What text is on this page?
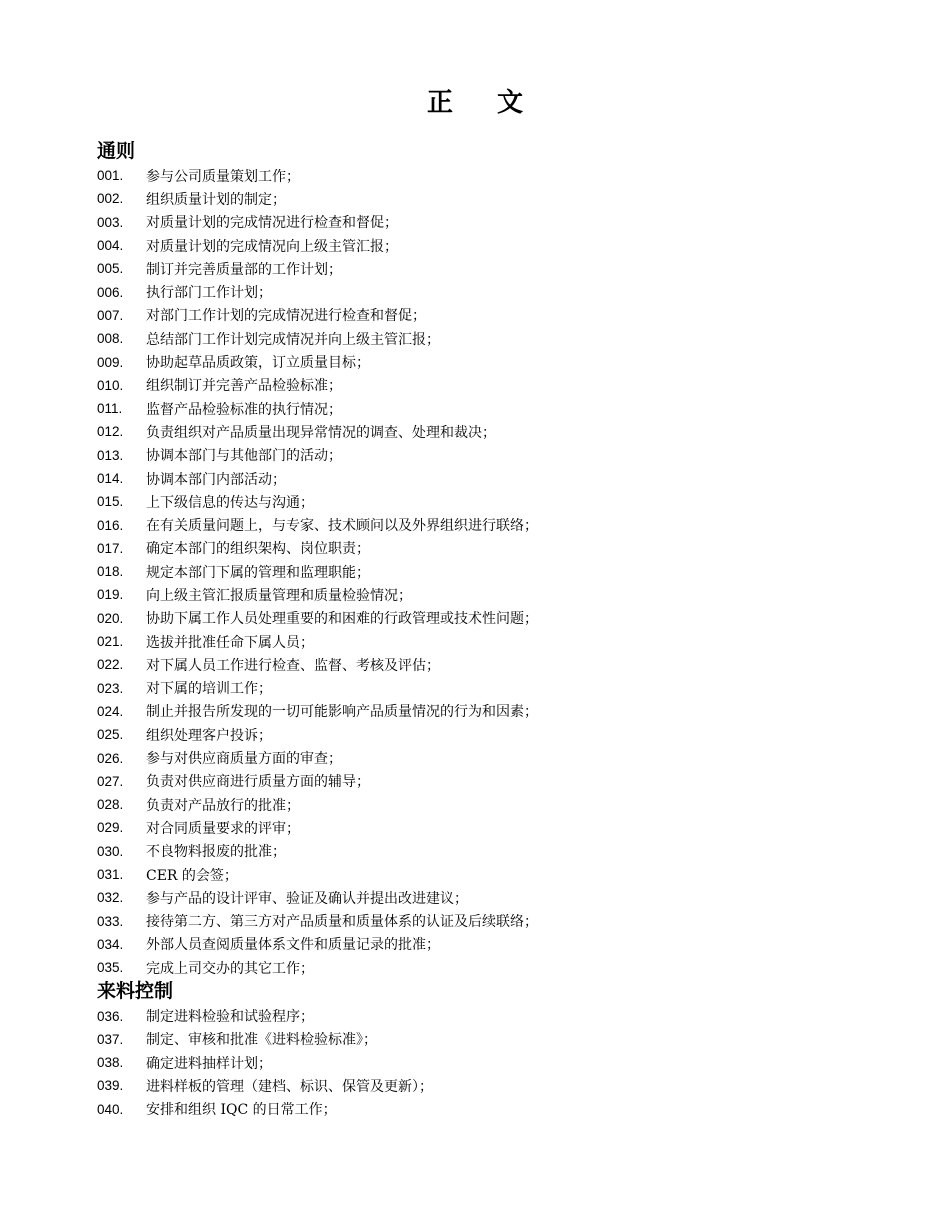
正 文
通则
001.	参与公司质量策划工作；
002.	组织质量计划的制定；
003.	对质量计划的完成情况进行检查和督促；
004.	对质量计划的完成情况向上级主管汇报；
005.	制订并完善质量部的工作计划；
006.	执行部门工作计划；
007.	对部门工作计划的完成情况进行检查和督促；
008.	总结部门工作计划完成情况并向上级主管汇报；
009.	协助起草品质政策，订立质量目标；
010.	组织制订并完善产品检验标准；
011.	监督产品检验标准的执行情况；
012.	负责组织对产品质量出现异常情况的调查、处理和裁决；
013.	协调本部门与其他部门的活动；
014.	协调本部门内部活动；
015.	上下级信息的传达与沟通；
016.	在有关质量问题上，与专家、技术顾问以及外界组织进行联络；
017.	确定本部门的组织架构、岗位职责；
018.	规定本部门下属的管理和监理职能；
019.	向上级主管汇报质量管理和质量检验情况；
020.	协助下属工作人员处理重要的和困难的行政管理或技术性问题；
021.	选拔并批准任命下属人员；
022.	对下属人员工作进行检查、监督、考核及评估；
023.	对下属的培训工作；
024.	制止并报告所发现的一切可能影响产品质量情况的行为和因素；
025.	组织处理客户投诉；
026.	参与对供应商质量方面的审查；
027.	负责对供应商进行质量方面的辅导；
028.	负责对产品放行的批准；
029.	对合同质量要求的评审；
030.	不良物料报废的批准；
031.	CER 的会签；
032.	参与产品的设计评审、验证及确认并提出改进建议；
033.	接待第二方、第三方对产品质量和质量体系的认证及后续联络；
034.	外部人员查阅质量体系文件和质量记录的批准；
035.	完成上司交办的其它工作；
来料控制
036.	制定进料检验和试验程序；
037.	制定、审核和批准《进料检验标准》；
038.	确定进料抽样计划；
039.	进料样板的管理（建档、标识、保管及更新）；
040.	安排和组织 IQC 的日常工作；
